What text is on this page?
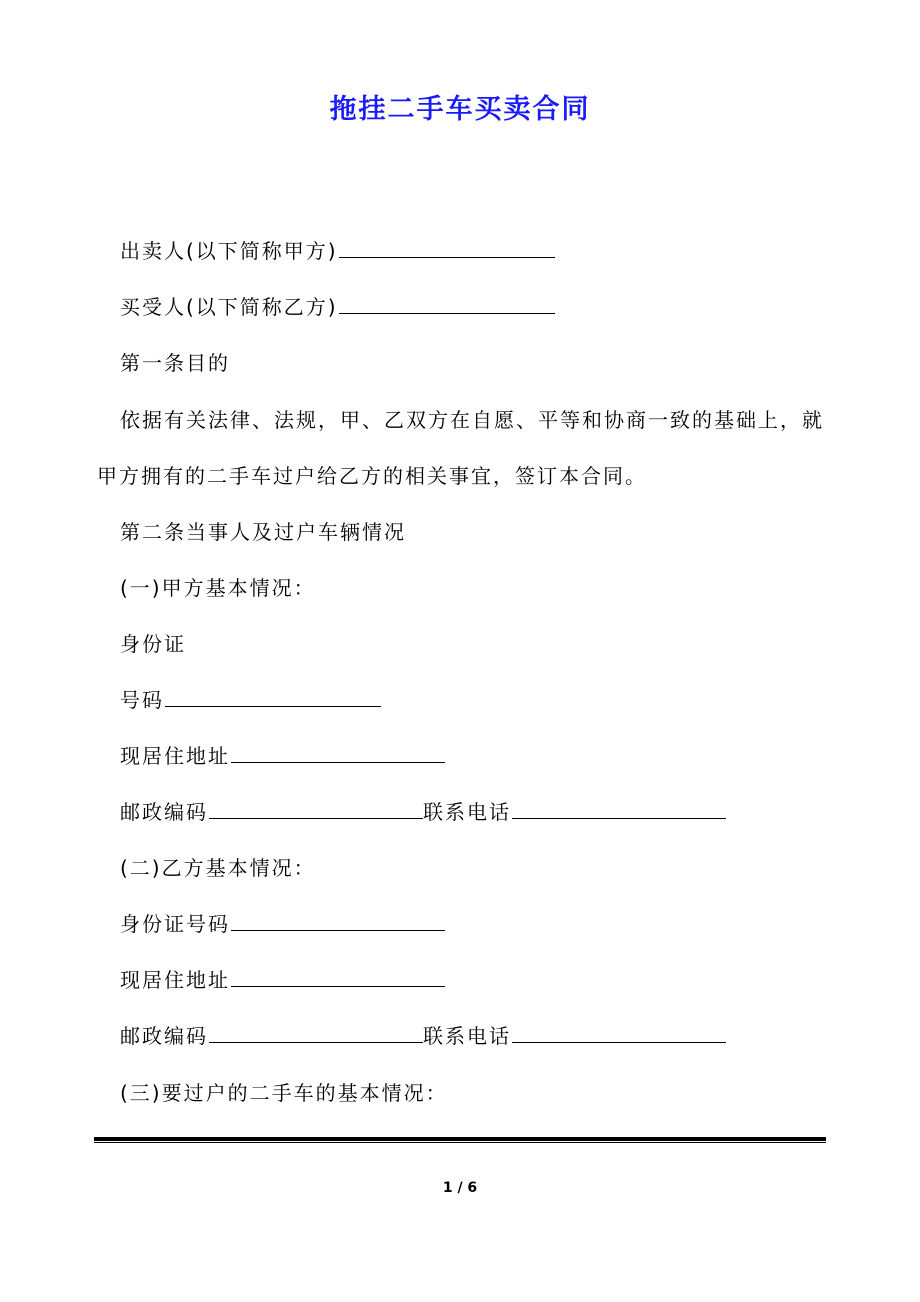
拖挂二手车买卖合同

出卖人(以下简称甲方)

买受人(以下简称乙方)

第一条目的

依据有关法律、法规，甲、乙双方在自愿、平等和协商一致的基础上，就

甲方拥有的二手车过户给乙方的相关事宜，签订本合同。

第二条当事人及过户车辆情况

(一)甲方基本情况：

身份证

号码

现居住地址

邮政编码	联系电话

(二)乙方基本情况：

身份证号码

现居住地址

邮政编码	联系电话

(三)要过户的二手车的基本情况：

1 / 6
